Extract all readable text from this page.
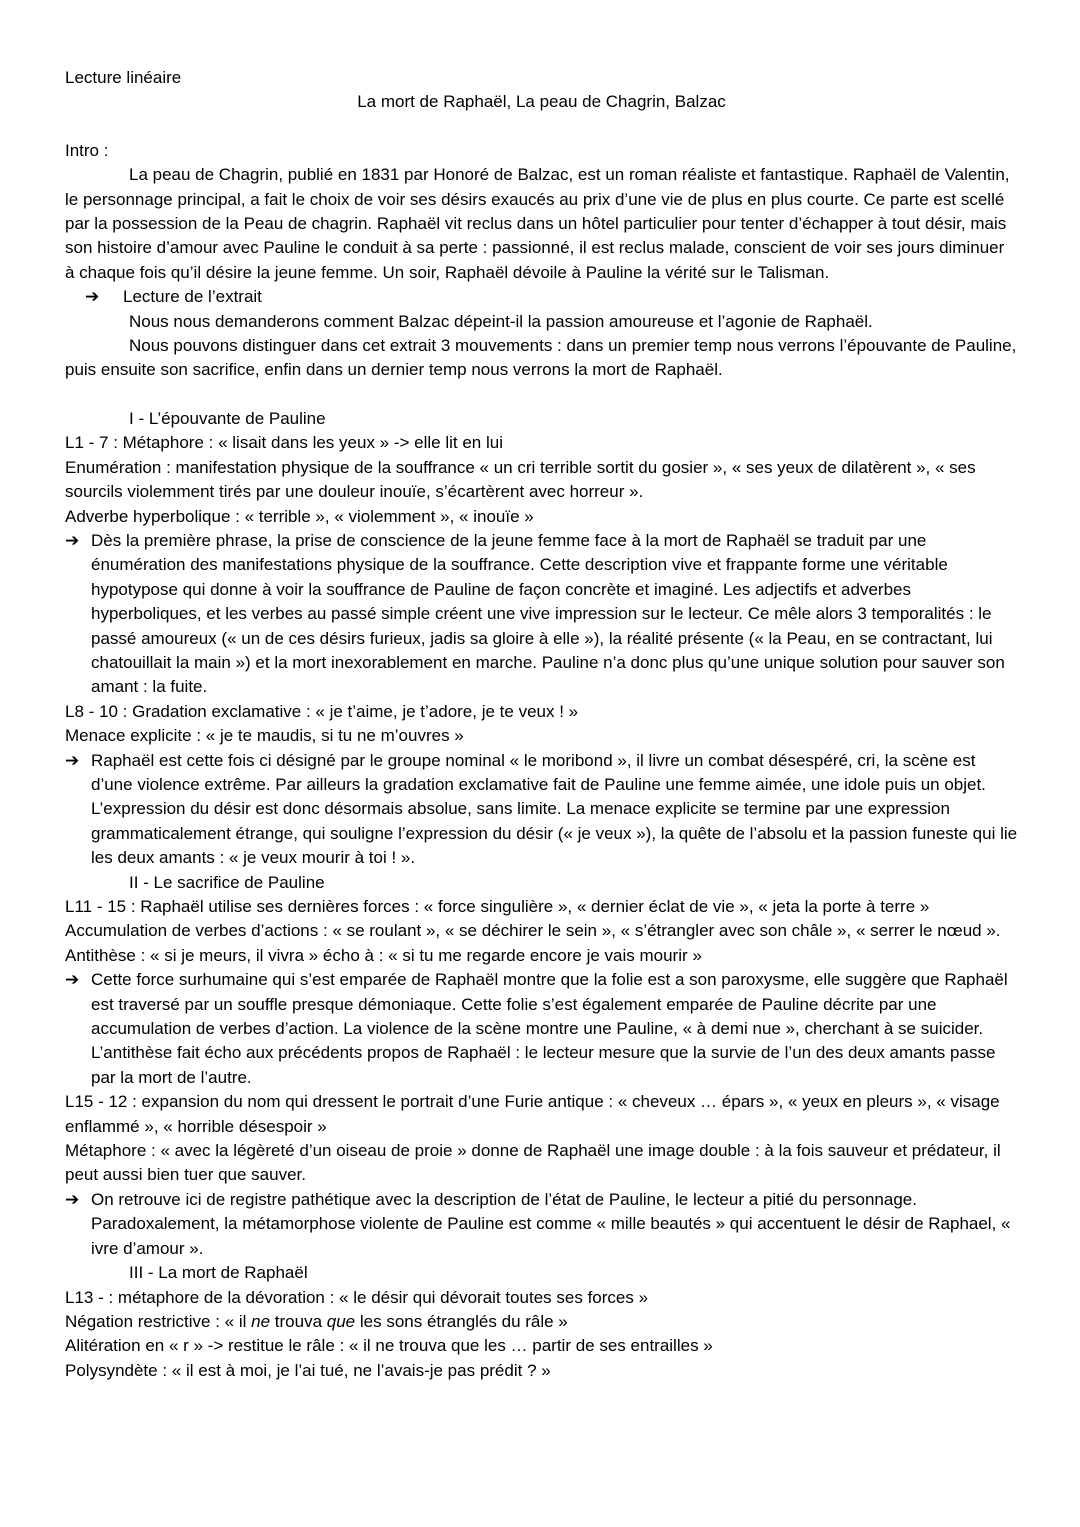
Lecture linéaire

La mort de Raphaël, La peau de Chagrin, Balzac

Intro :

La peau de Chagrin, publié en 1831 par Honoré de Balzac, est un roman réaliste et fantastique. Raphaël de Valentin, le personnage principal, a fait le choix de voir ses désirs exaucés au prix d’une vie de plus en plus courte. Ce parte est scellé par la possession de la Peau de chagrin. Raphaël vit reclus dans un hôtel particulier pour tenter d’échapper à tout désir, mais son histoire d’amour avec Pauline le conduit à sa perte : passionné, il est reclus malade, conscient de voir ses jours diminuer à chaque fois qu’il désire la jeune femme. Un soir, Raphaël dévoile à Pauline la vérité sur le Talisman.

➔ Lecture de l’extrait

Nous nous demanderons comment Balzac dépeint-il la passion amoureuse et l’agonie de Raphaël.

Nous pouvons distinguer dans cet extrait 3 mouvements : dans un premier temp nous verrons l’épouvante de Pauline, puis ensuite son sacrifice, enfin dans un dernier temp nous verrons la mort de Raphaël.

I - L’épouvante de Pauline

L1 - 7 : Métaphore : « lisait dans les yeux » -> elle lit en lui

Enumération : manifestation physique de la souffrance « un cri terrible sortit du gosier », « ses yeux de dilatèrent », « ses sourcils violemment tirés par une douleur inouïe, s’écartèrent avec horreur ».

Adverbe hyperbolique : « terrible », « violemment », « inouïe »

➔ Dès la première phrase, la prise de conscience de la jeune femme face à la mort de Raphaël se traduit par une énumération des manifestations physique de la souffrance. Cette description vive et frappante forme une véritable hypotypose qui donne à voir la souffrance de Pauline de façon concrète et imaginé. Les adjectifs et adverbes hyperboliques, et les verbes au passé simple créent une vive impression sur le lecteur. Ce mêle alors 3 temporalités : le passé amoureux (« un de ces désirs furieux, jadis sa gloire à elle »), la réalité présente (« la Peau, en se contractant, lui chatouillait la main ») et la mort inexorablement en marche. Pauline n’a donc plus qu’une unique solution pour sauver son amant : la fuite.

L8 - 10 : Gradation exclamative : « je t’aime, je t’adore, je te veux ! »

Menace explicite : « je te maudis, si tu ne m’ouvres »

➔ Raphaël est cette fois ci désigné par le groupe nominal « le moribond », il livre un combat désespéré, cri, la scène est d’une violence extrême. Par ailleurs la gradation exclamative fait de Pauline une femme aimée, une idole puis un objet. L’expression du désir est donc désormais absolue, sans limite. La menace explicite se termine par une expression grammaticalement étrange, qui souligne l’expression du désir (« je veux »), la quête de l’absolu et la passion funeste qui lie les deux amants : « je veux mourir à toi ! ».

II - Le sacrifice de Pauline

L11 - 15 : Raphaël utilise ses dernières forces : « force singulière », « dernier éclat de vie », « jeta la porte à terre »

Accumulation de verbes d’actions : « se roulant », « se déchirer le sein », « s’étrangler avec son châle », « serrer le nœud ».

Antithèse : « si je meurs, il vivra » écho à : « si tu me regarde encore je vais mourir »

➔ Cette force surhumaine qui s’est emparée de Raphaël montre que la folie est a son paroxysme, elle suggère que Raphaël est traversé par un souffle presque démoniaque. Cette folie s’est également emparée de Pauline décrite par une accumulation de verbes d’action. La violence de la scène montre une Pauline, « à demi nue », cherchant à se suicider. L’antithèse fait écho aux précédents propos de Raphaël : le lecteur mesure que la survie de l’un des deux amants passe par la mort de l’autre.

L15 - 12 : expansion du nom qui dressent le portrait d’une Furie antique : « cheveux … épars », « yeux en pleurs », « visage enflammé », « horrible désespoir »

Métaphore : « avec la légèreté d’un oiseau de proie » donne de Raphaël une image double : à la fois sauveur et prédateur, il peut aussi bien tuer que sauver.

➔ On retrouve ici de registre pathétique avec la description de l’état de Pauline, le lecteur a pitié du personnage. Paradoxalement, la métamorphose violente de Pauline est comme « mille beautés » qui accentuent le désir de Raphael, « ivre d’amour ».

III - La mort de Raphaël

L13 - : métaphore de la dévoration : « le désir qui dévorait toutes ses forces »

Négation restrictive : « il ne trouva que les sons étranglés du râle »

Alitération en « r » -> restitue le râle : « il ne trouva que les … partir de ses entrailles »

Polysyndète : « il est à moi, je l’ai tué, ne l’avais-je pas prédit ? »
